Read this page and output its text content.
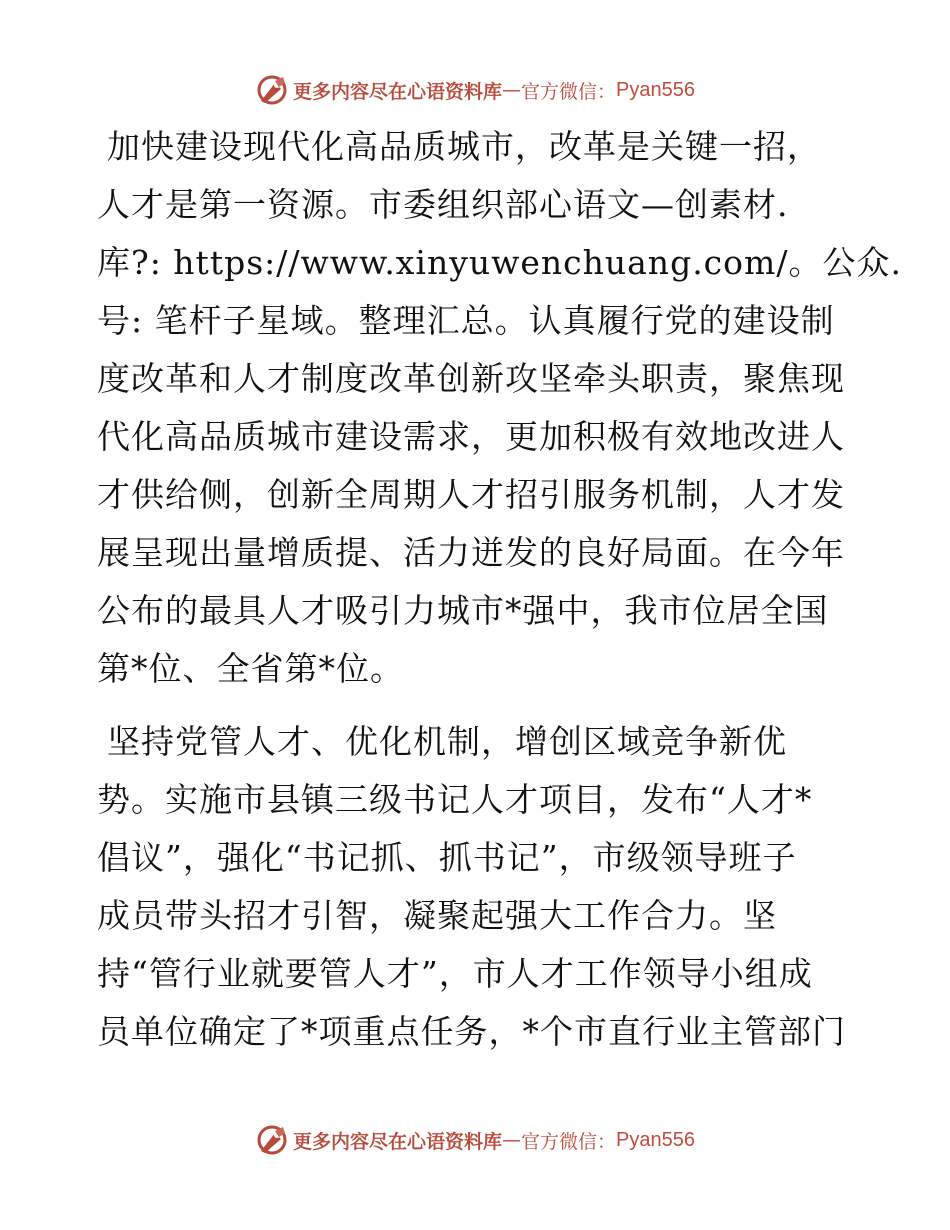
更多内容尽在心语资料库 — 官方微信： Pyan556
加快建设现代化高品质城市，改革是关键一招，
人才是第一资源。市委组织部心语文—创素材.
库?: https://www.xinyuwenchuang.com/。公众.
号: 笔杆子星域。整理汇总。认真履行党的建设制
度改革和人才制度改革创新攻坚牵头职责，聚焦现
代化高品质城市建设需求，更加积极有效地改进人
才供给侧，创新全周期人才招引服务机制，人才发
展呈现出量增质提、活力迸发的良好局面。在今年
公布的最具人才吸引力城市*强中，我市位居全国
第*位、全省第*位。
坚持党管人才、优化机制，增创区域竞争新优
势。实施市县镇三级书记人才项目，发布“人才*
倡议”，强化“书记抓、抓书记”，市级领导班子
成员带头招才引智，凝聚起强大工作合力。坚
持“管行业就要管人才”，市人才工作领导小组成
员单位确定了*项重点任务，*个市直行业主管部门
更多内容尽在心语资料库 — 官方微信： Pyan556
